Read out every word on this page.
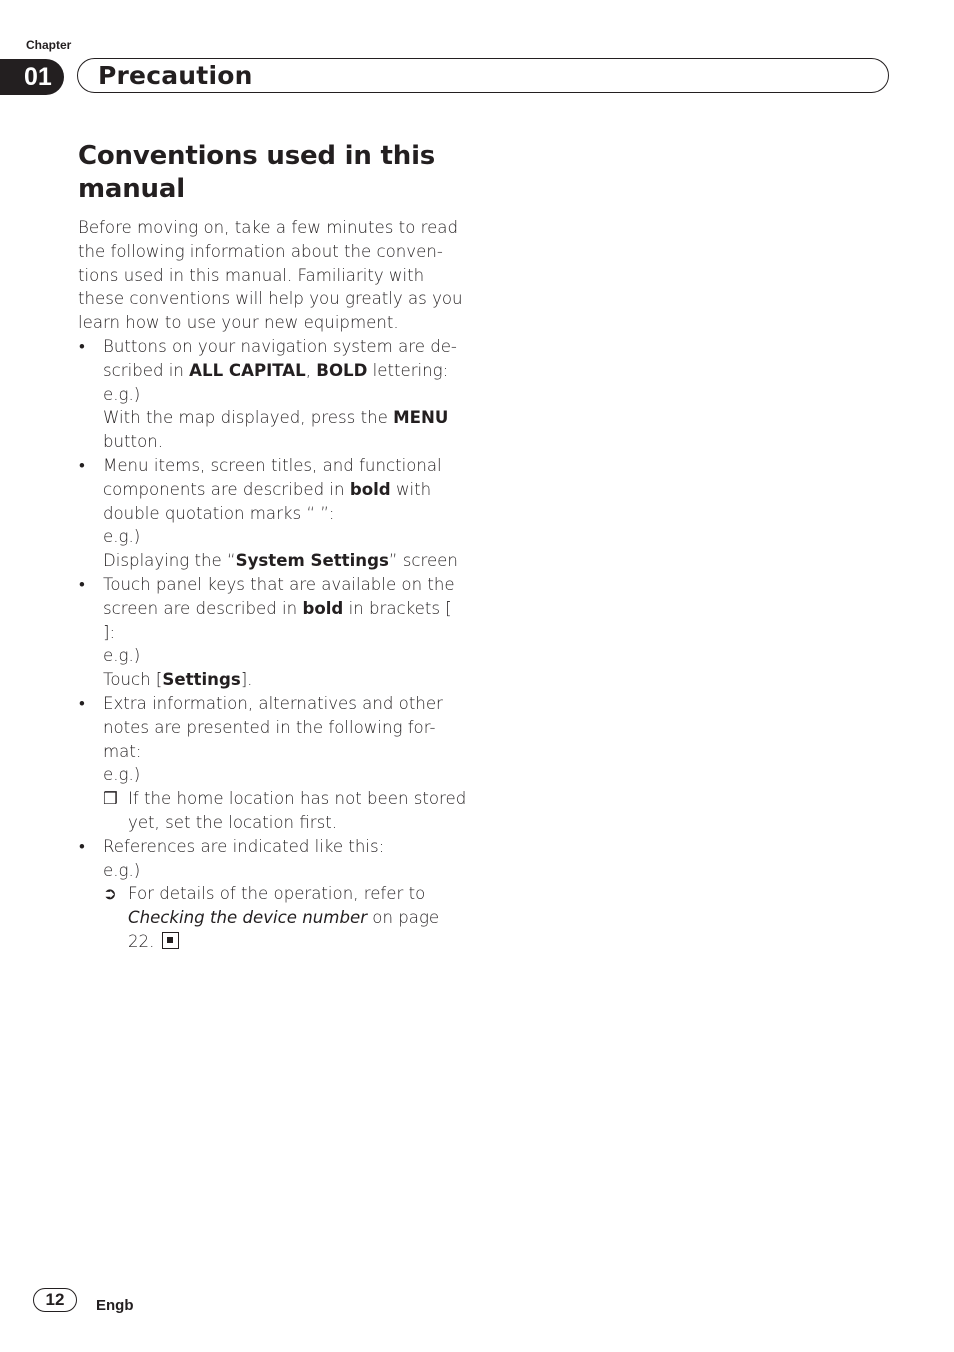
Chapter
01 Precaution
Conventions used in this
manual

Before moving on, take a few minutes to read the following information about the conven- tions used in this manual. Familiarity with these conventions will help you greatly as you learn how to use your new equipment.

• Buttons on your navigation system are de- scribed in ALL CAPITAL, BOLD lettering:
e.g.)
With the map displayed, press the MENU button.
• Menu items, screen titles, and functional components are described in bold with double quotation marks “ ”:
e.g.)
Displaying the “System Settings” screen
• Touch panel keys that are available on the screen are described in bold in brackets [ ]:
e.g.)
Touch [Settings].
• Extra information, alternatives and other notes are presented in the following for- mat:
e.g.)
❒ If the home location has not been stored yet, set the location first.
• References are indicated like this:
e.g.)
➲ For details of the operation, refer to Checking the device number on page 22.
12 Engb
